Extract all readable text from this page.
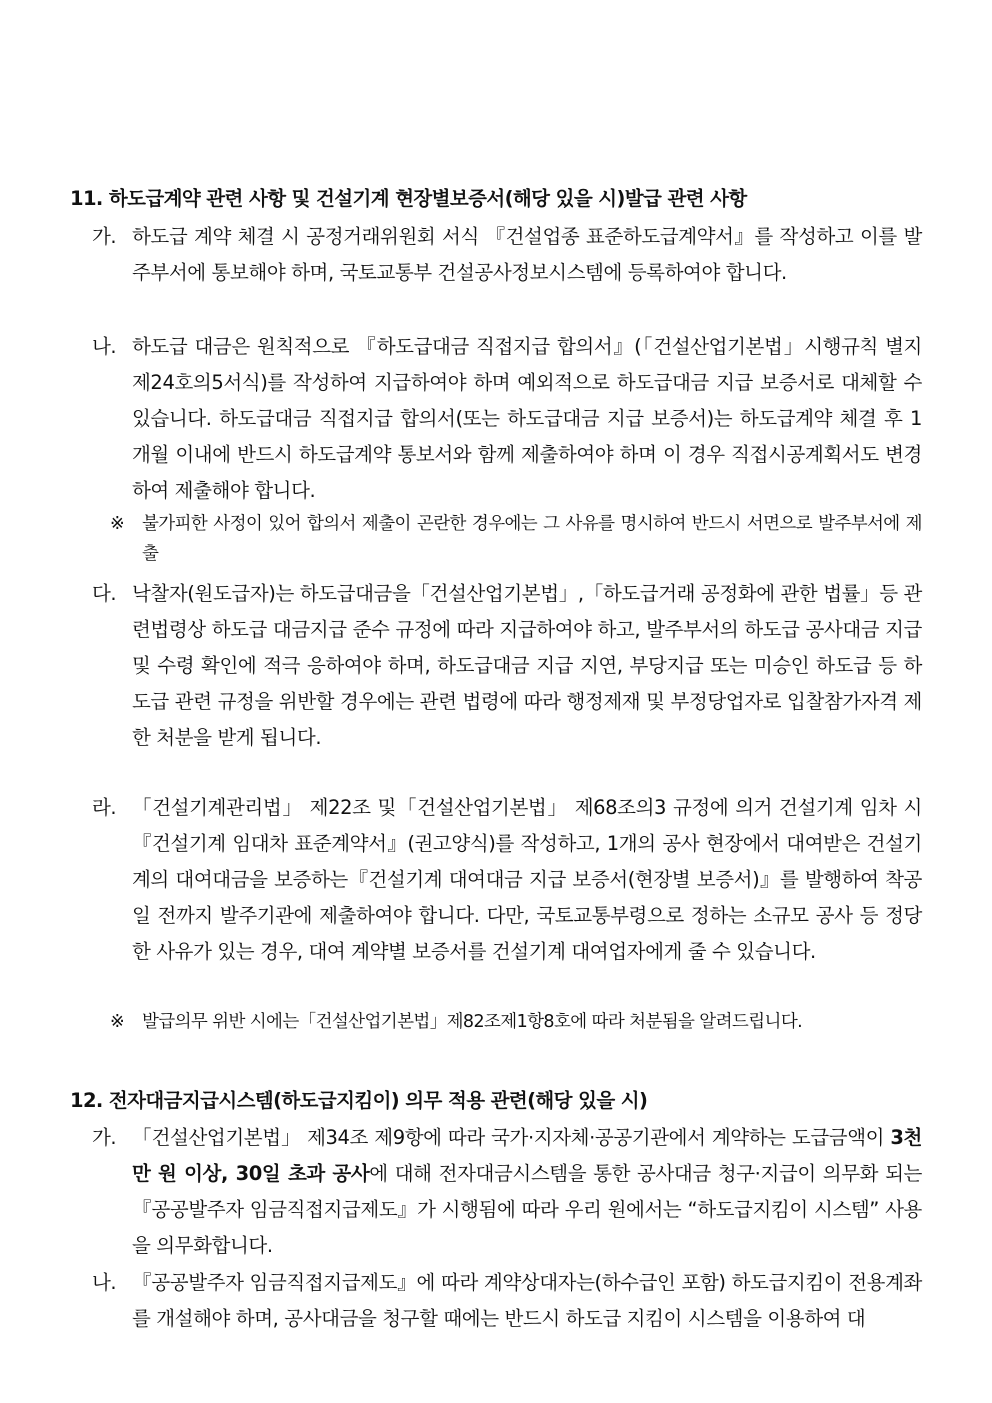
11. 하도급계약 관련 사항 및 건설기계 현장별보증서(해당 있을 시)발급 관련 사항
가. 하도급 계약 체결 시 공정거래위원회 서식 『건설업종 표준하도급계약서』를 작성하고 이를 발주부서에 통보해야 하며, 국토교통부 건설공사정보시스템에 등록하여야 합니다.
나. 하도급 대금은 원칙적으로 『하도급대금 직접지급 합의서』(「건설산업기본법」시행규칙 별지 제24호의5서식)를 작성하여 지급하여야 하며 예외적으로 하도급대금 지급 보증서로 대체할 수 있습니다. 하도급대금 직접지급 합의서(또는 하도급대금 지급 보증서)는 하도급계약 체결 후 1개월 이내에 반드시 하도급계약 통보서와 함께 제출하여야 하며 이 경우 직접시공계획서도 변경하여 제출해야 합니다.
※ 불가피한 사정이 있어 합의서 제출이 곤란한 경우에는 그 사유를 명시하여 반드시 서면으로 발주부서에 제출
다. 낙찰자(원도급자)는 하도급대금을「건설산업기본법」,「하도급거래 공정화에 관한 법률」등 관련법령상 하도급 대금지급 준수 규정에 따라 지급하여야 하고, 발주부서의 하도급 공사대금 지급 및 수령 확인에 적극 응하여야 하며, 하도급대금 지급 지연, 부당지급 또는 미승인 하도급 등 하도급 관련 규정을 위반할 경우에는 관련 법령에 따라 행정제재 및 부정당업자로 입찰참가자격 제한 처분을 받게 됩니다.
라. 「건설기계관리법」 제22조 및「건설산업기본법」 제68조의3 규정에 의거 건설기계 임차 시『건설기계 임대차 표준계약서』(권고양식)를 작성하고, 1개의 공사 현장에서 대여받은 건설기계의 대여대금을 보증하는『건설기계 대여대금 지급 보증서(현장별 보증서)』를 발행하여 착공일 전까지 발주기관에 제출하여야 합니다. 다만, 국토교통부령으로 정하는 소규모 공사 등 정당한 사유가 있는 경우, 대여 계약별 보증서를 건설기계 대여업자에게 줄 수 있습니다.
※ 발급의무 위반 시에는「건설산업기본법」제82조제1항8호에 따라 처분됨을 알려드립니다.
12. 전자대금지급시스템(하도급지킴이) 의무 적용 관련(해당 있을 시)
가. 「건설산업기본법」 제34조 제9항에 따라 국가·지자체·공공기관에서 계약하는 도급금액이 3천만 원 이상, 30일 초과 공사에 대해 전자대금시스템을 통한 공사대금 청구·지급이 의무화 되는『공공발주자 임금직접지급제도』가 시행됨에 따라 우리 원에서는 “하도급지킴이 시스템” 사용을 의무화합니다.
나. 『공공발주자 임금직접지급제도』에 따라 계약상대자는(하수급인 포함) 하도급지킴이 전용계좌를 개설해야 하며, 공사대금을 청구할 때에는 반드시 하도급 지킴이 시스템을 이용하여 대
